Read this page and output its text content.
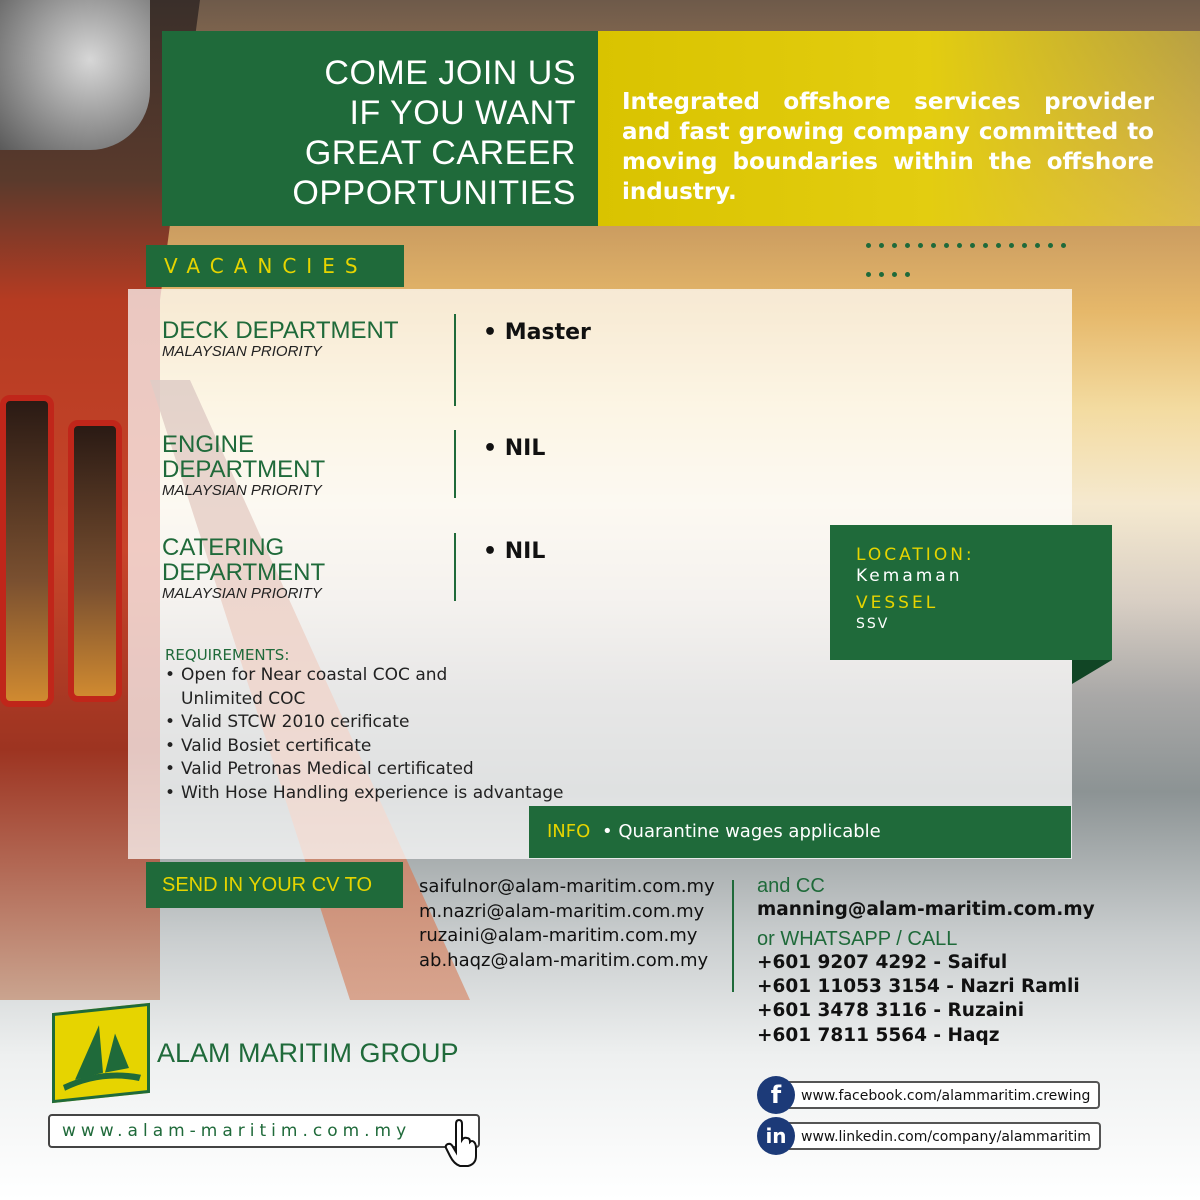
COME JOIN US
IF YOU WANT
GREAT CAREER
OPPORTUNITIES
Integrated offshore services provider and fast growing company committed to moving boundaries within the offshore industry.
VACANCIES
DECK DEPARTMENT
MALAYSIAN PRIORITY
• Master
ENGINE
DEPARTMENT
MALAYSIAN PRIORITY
• NIL
CATERING
DEPARTMENT
MALAYSIAN PRIORITY
• NIL
REQUIREMENTS:
• Open for Near coastal COC and
Unlimited COC
• Valid STCW 2010 cerificate
• Valid Bosiet certificate
• Valid Petronas Medical certificated
• With Hose Handling experience is advantage
LOCATION:
Kemaman
VESSEL
SSV
INFO • Quarantine wages applicable
SEND IN YOUR CV TO	saifulnor@alam-maritim.com.my
m.nazri@alam-maritim.com.my
ruzaini@alam-maritim.com.my
ab.haqz@alam-maritim.com.my
and CC
manning@alam-maritim.com.my
or WHATSAPP / CALL
+601 9207 4292 - Saiful
+601 11053 3154 - Nazri Ramli
+601 3478 3116 - Ruzaini
+601 7811 5564 - Haqz
ALAM MARITIM GROUP
www.alam-maritim.com.my
www.facebook.com/alammaritim.crewing
f
www.linkedin.com/company/alammaritim
in
